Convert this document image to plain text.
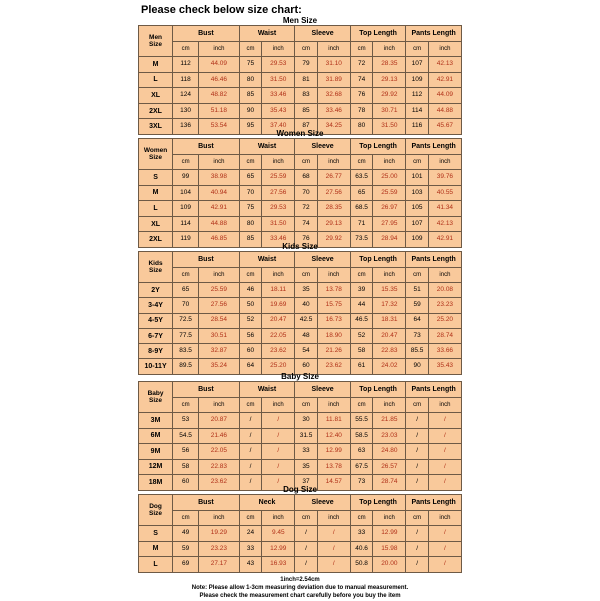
Please check below size chart:
Men Size
Men
Size	Bust		Waist		Sleeve		Top Length		Pants Length	
	cm	inch	cm	inch	cm	inch	cm	inch	cm	inch
M	112	44.09	75	29.53	79	31.10	72	28.35	107	42.13
L	118	46.46	80	31.50	81	31.89	74	29.13	109	42.91
XL	124	48.82	85	33.46	83	32.68	76	29.92	112	44.09
2XL	130	51.18	90	35.43	85	33.46	78	30.71	114	44.88
3XL	136	53.54	95	37.40	87	34.25	80	31.50	116	45.67
Women Size
Women
Size	Bust		Waist		Sleeve		Top Length		Pants Length	
	cm	inch	cm	inch	cm	inch	cm	inch	cm	inch
S	99	38.98	65	25.59	68	26.77	63.5	25.00	101	39.76
M	104	40.94	70	27.56	70	27.56	65	25.59	103	40.55
L	109	42.91	75	29.53	72	28.35	68.5	26.97	105	41.34
XL	114	44.88	80	31.50	74	29.13	71	27.95	107	42.13
2XL	119	46.85	85	33.46	76	29.92	73.5	28.94	109	42.91
Kids Size
Kids
Size	Bust		Waist		Sleeve		Top Length		Pants Length	
	cm	inch	cm	inch	cm	inch	cm	inch	cm	inch
2Y	65	25.59	46	18.11	35	13.78	39	15.35	51	20.08
3-4Y	70	27.56	50	19.69	40	15.75	44	17.32	59	23.23
4-5Y	72.5	28.54	52	20.47	42.5	16.73	46.5	18.31	64	25.20
6-7Y	77.5	30.51	56	22.05	48	18.90	52	20.47	73	28.74
8-9Y	83.5	32.87	60	23.62	54	21.26	58	22.83	85.5	33.66
10-11Y	89.5	35.24	64	25.20	60	23.62	61	24.02	90	35.43
Baby Size
Baby
Size	Bust		Waist		Sleeve		Top Length		Pants Length	
	cm	inch	cm	inch	cm	inch	cm	inch	cm	inch
3M	53	20.87	/	/	30	11.81	55.5	21.85	/	/
6M	54.5	21.46	/	/	31.5	12.40	58.5	23.03	/	/
9M	56	22.05	/	/	33	12.99	63	24.80	/	/
12M	58	22.83	/	/	35	13.78	67.5	26.57	/	/
18M	60	23.62	/	/	37	14.57	73	28.74	/	/
Dog Size
Dog
Size	Bust		Neck		Sleeve		Top Length		Pants Length	
	cm	inch	cm	inch	cm	inch	cm	inch	cm	inch
S	49	19.29	24	9.45	/	/	33	12.99	/	/
M	59	23.23	33	12.99	/	/	40.6	15.98	/	/
L	69	27.17	43	16.93	/	/	50.8	20.00	/	/
1inch=2.54cm
Note: Please allow 1-3cm measuring deviation due to manual measurement.
Please check the measurement chart carefully before you buy the item
